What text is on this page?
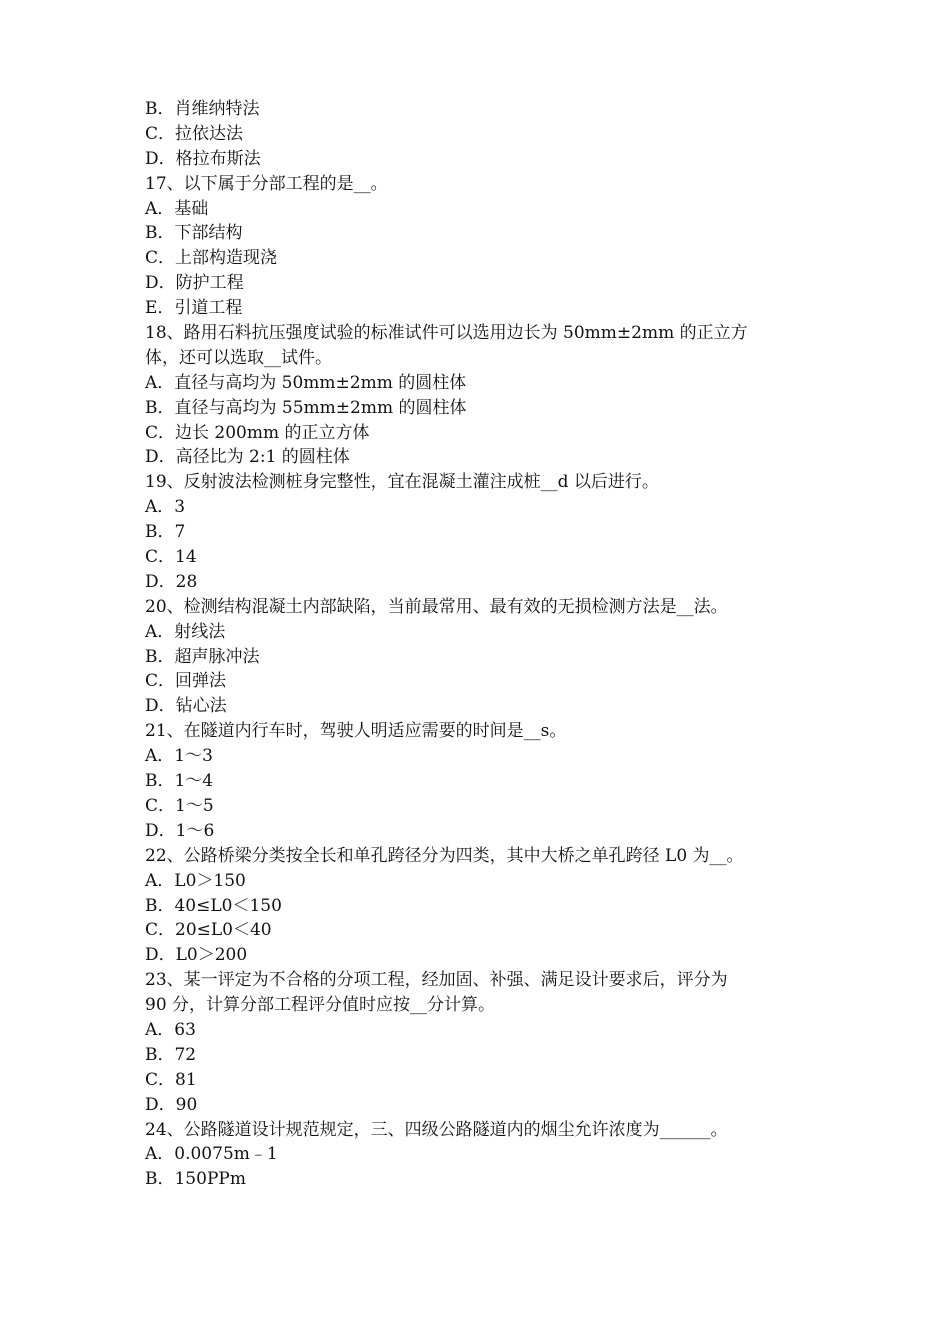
B．肖维纳特法
C．拉依达法
D．格拉布斯法
17、以下属于分部工程的是__。
A．基础
B．下部结构
C．上部构造现浇
D．防护工程
E．引道工程
18、路用石料抗压强度试验的标准试件可以选用边长为 50mm±2mm 的正立方
体，还可以选取__试件。
A．直径与高均为 50mm±2mm 的圆柱体
B．直径与高均为 55mm±2mm 的圆柱体
C．边长 200mm 的正立方体
D．高径比为 2:1 的圆柱体
19、反射波法检测桩身完整性，宜在混凝土灌注成桩__d 以后进行。
A．3
B．7
C．14
D．28
20、检测结构混凝土内部缺陷，当前最常用、最有效的无损检测方法是__法。
A．射线法
B．超声脉冲法
C．回弹法
D．钻心法
21、在隧道内行车时，驾驶人明适应需要的时间是__s。
A．1～3
B．1～4
C．1～5
D．1～6
22、公路桥梁分类按全长和单孔跨径分为四类，其中大桥之单孔跨径 L0 为__。
A．L0＞150
B．40≤L0＜150
C．20≤L0＜40
D．L0＞200
23、某一评定为不合格的分项工程，经加固、补强、满足设计要求后，评分为
90 分，计算分部工程评分值时应按__分计算。
A．63
B．72
C．81
D．90
24、公路隧道设计规范规定，三、四级公路隧道内的烟尘允许浓度为______。
A．0.0075m﹣1
B．150PPm
